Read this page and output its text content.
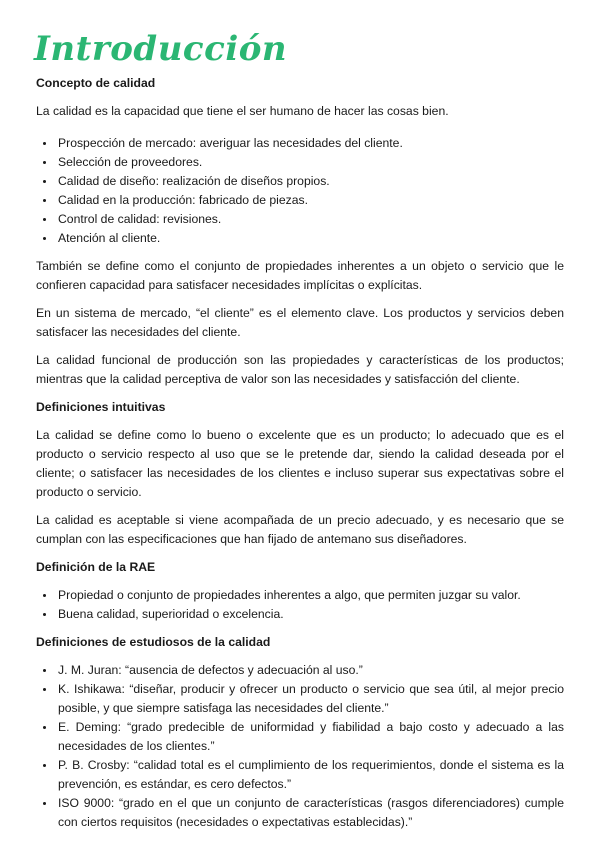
Introducción
Concepto de calidad

La calidad es la capacidad que tiene el ser humano de hacer las cosas bien.

• Prospección de mercado: averiguar las necesidades del cliente.
• Selección de proveedores.
• Calidad de diseño: realización de diseños propios.
• Calidad en la producción: fabricado de piezas.
• Control de calidad: revisiones.
• Atención al cliente.

También se define como el conjunto de propiedades inherentes a un objeto o servicio que le confieren capacidad para satisfacer necesidades implícitas o explícitas.

En un sistema de mercado, “el cliente” es el elemento clave. Los productos y servicios deben satisfacer las necesidades del cliente.

La calidad funcional de producción son las propiedades y características de los productos; mientras que la calidad perceptiva de valor son las necesidades y satisfacción del cliente.

Definiciones intuitivas

La calidad se define como lo bueno o excelente que es un producto; lo adecuado que es el producto o servicio respecto al uso que se le pretende dar, siendo la calidad deseada por el cliente; o satisfacer las necesidades de los clientes e incluso superar sus expectativas sobre el producto o servicio.

La calidad es aceptable si viene acompañada de un precio adecuado, y es necesario que se cumplan con las especificaciones que han fijado de antemano sus diseñadores.

Definición de la RAE
• Propiedad o conjunto de propiedades inherentes a algo, que permiten juzgar su valor.
• Buena calidad, superioridad o excelencia.
Definiciones de estudiosos de la calidad
• J. M. Juran: “ausencia de defectos y adecuación al uso.”
• K. Ishikawa: “diseñar, producir y ofrecer un producto o servicio que sea útil, al mejor precio posible, y que siempre satisfaga las necesidades del cliente.”
• E. Deming: “grado predecible de uniformidad y fiabilidad a bajo costo y adecuado a las necesidades de los clientes.”
• P. B. Crosby: “calidad total es el cumplimiento de los requerimientos, donde el sistema es la prevención, es estándar, es cero defectos.”
• ISO 9000: “grado en el que un conjunto de características (rasgos diferenciadores) cumple con ciertos requisitos (necesidades o expectativas establecidas).”
